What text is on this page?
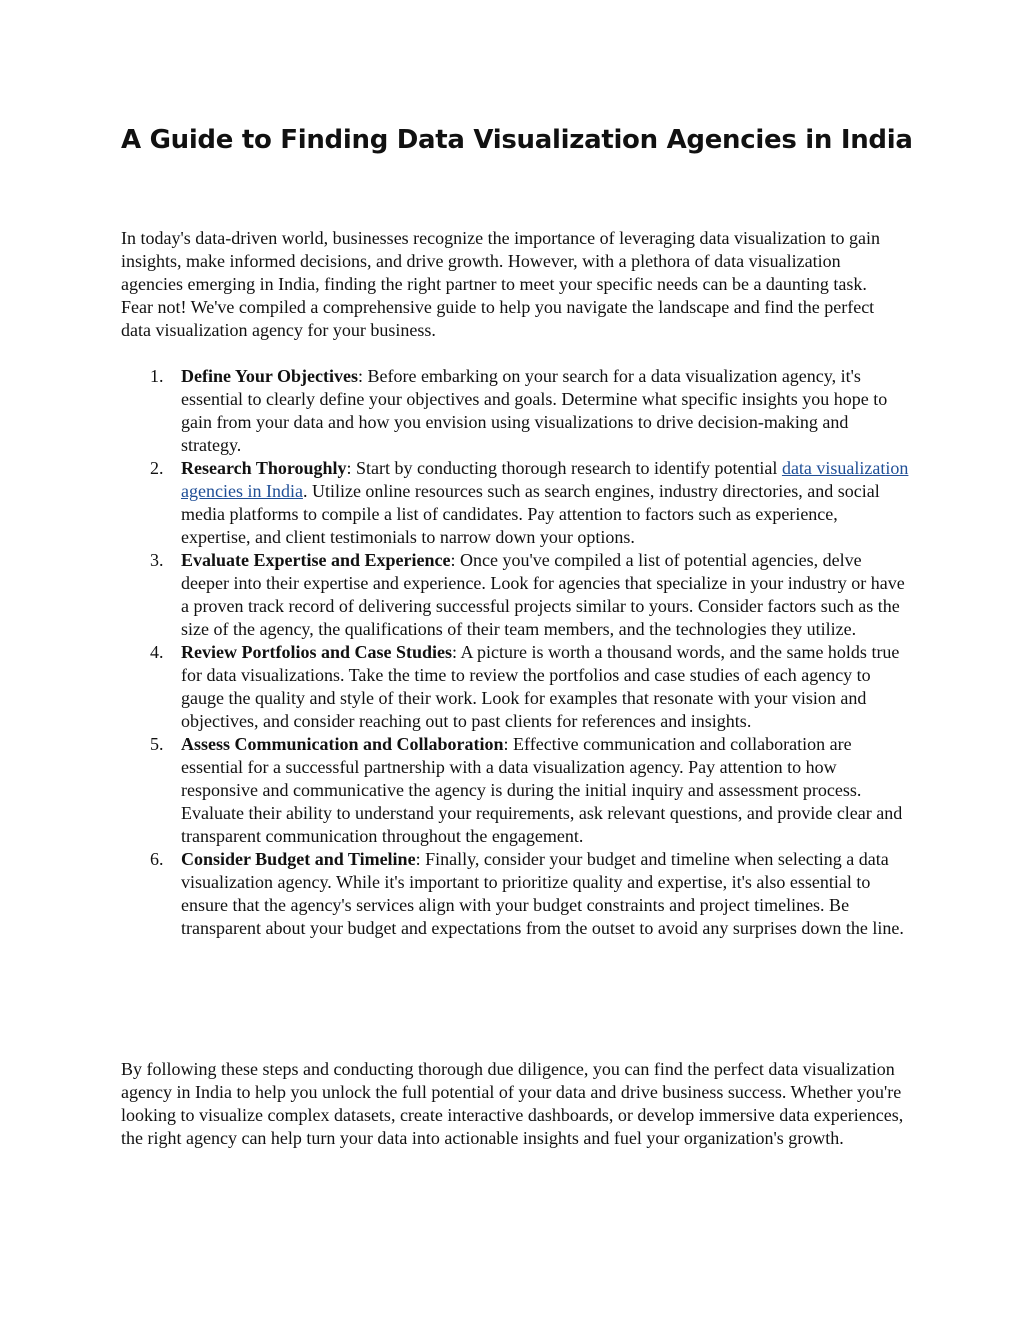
A Guide to Finding Data Visualization Agencies in India

In today's data-driven world, businesses recognize the importance of leveraging data visualization to gain insights, make informed decisions, and drive growth. However, with a plethora of data visualization agencies emerging in India, finding the right partner to meet your specific needs can be a daunting task. Fear not! We've compiled a comprehensive guide to help you navigate the landscape and find the perfect data visualization agency for your business.

1. Define Your Objectives: Before embarking on your search for a data visualization agency, it's essential to clearly define your objectives and goals. Determine what specific insights you hope to gain from your data and how you envision using visualizations to drive decision-making and strategy.
2. Research Thoroughly: Start by conducting thorough research to identify potential data visualization agencies in India. Utilize online resources such as search engines, industry directories, and social media platforms to compile a list of candidates. Pay attention to factors such as experience, expertise, and client testimonials to narrow down your options.
3. Evaluate Expertise and Experience: Once you've compiled a list of potential agencies, delve deeper into their expertise and experience. Look for agencies that specialize in your industry or have a proven track record of delivering successful projects similar to yours. Consider factors such as the size of the agency, the qualifications of their team members, and the technologies they utilize.
4. Review Portfolios and Case Studies: A picture is worth a thousand words, and the same holds true for data visualizations. Take the time to review the portfolios and case studies of each agency to gauge the quality and style of their work. Look for examples that resonate with your vision and objectives, and consider reaching out to past clients for references and insights.
5. Assess Communication and Collaboration: Effective communication and collaboration are essential for a successful partnership with a data visualization agency. Pay attention to how responsive and communicative the agency is during the initial inquiry and assessment process. Evaluate their ability to understand your requirements, ask relevant questions, and provide clear and transparent communication throughout the engagement.
6. Consider Budget and Timeline: Finally, consider your budget and timeline when selecting a data visualization agency. While it's important to prioritize quality and expertise, it's also essential to ensure that the agency's services align with your budget constraints and project timelines. Be transparent about your budget and expectations from the outset to avoid any surprises down the line.

By following these steps and conducting thorough due diligence, you can find the perfect data visualization agency in India to help you unlock the full potential of your data and drive business success. Whether you're looking to visualize complex datasets, create interactive dashboards, or develop immersive data experiences, the right agency can help turn your data into actionable insights and fuel your organization's growth.
